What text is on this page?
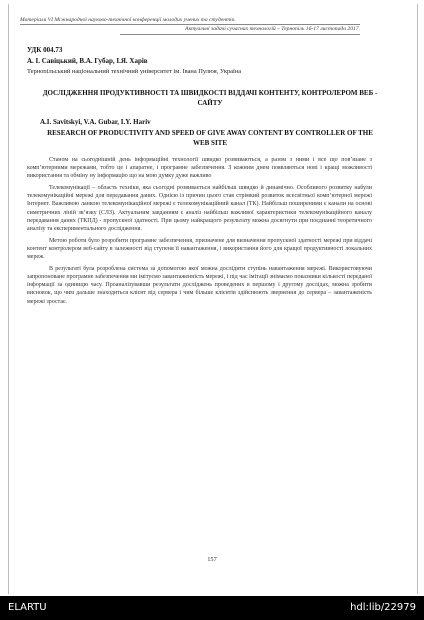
Матеріали VI Міжнародної науково-технічної конференції молодих учених та студентів.
Актуальні задачі сучасних технологій – Тернопіль 16-17 листопада 2017.
УДК 004.73
А. І. Савіцький, В.А. Губар, І.Я. Харів
Тернопільський національний технічний університет ім. Івана Пулюя, Україна
ДОСЛІДЖЕННЯ ПРОДУКТИВНОСТІ ТА ШВИДКОСТІ ВІДДАЧІ КОНТЕНТУ, КОНТРОЛЕРОМ ВЕБ - САЙТУ
A.I. Savitskyi, V.A. Gubar, I.Y. Hariv
RESEARCH OF PRODUCTIVITY AND SPEED OF GIVE AWAY CONTENT BY CONTROLLER OF THE WEB SITE

Станом на сьогоднішній день інформаційні технології швидко розвиваються, а разом з ними і все що пов’язане з комп’ютерними мережами, тобто це і апаратне, і програмне забезпечення. З кожним днем появляються нові і кращі можливості використання та обміну ну інформацію що на мою думку дуже важливо

Телекомунікації – область техніки, яка сьогодні розвивається найбільш швидко й динамічно. Особливого розвитку набули телекомунікаційні мережі для передавання даних. Однією із причин цього став стрімкий розвиток всесвітньої комп’ютерної мережі Інтернет. Важливою ланкою телекомунікаційної мережі є телекомунікаційний канал (ТК). Найбільш поширеними є канали на основі симетричних ліній зв’язку (СЛЗ). Актуальним завданням є аналіз найбільш важливої характеристики телекомунікаційного каналу передавання даних (ТКПД) - пропускної здатності. При цьому найкращого результату можна досягнути при поєднанні теоретичного аналізу та експериментального дослідження.

Метою роботи було розробити програмне забезпечення, призначене для визначення пропускної здатності мережі при віддачі контент контролером веб-сайту в залежності від ступеня її навантаження, і використання його для кращої продуктивності локальних мереж.

В результаті була розроблена система за допомогою якої можна дослідити ступінь навантаження мережі. Використовуючи запропоноване програмне забезпечення ми імітуємо завантаженність мережі, і під час імітації знімаємо показники кількості переданої інформації за одиницю часу. Проаналізувавши результати досліджень проведених в першому і другому дослідах, можна зробити висновок, що чим дальше знаходиться клієнт від сервера і чим більше клієнтів здійснюють звернення до сервера – завантаженість мережі зростає.

157
ELARTU	hdl:lib/22979
